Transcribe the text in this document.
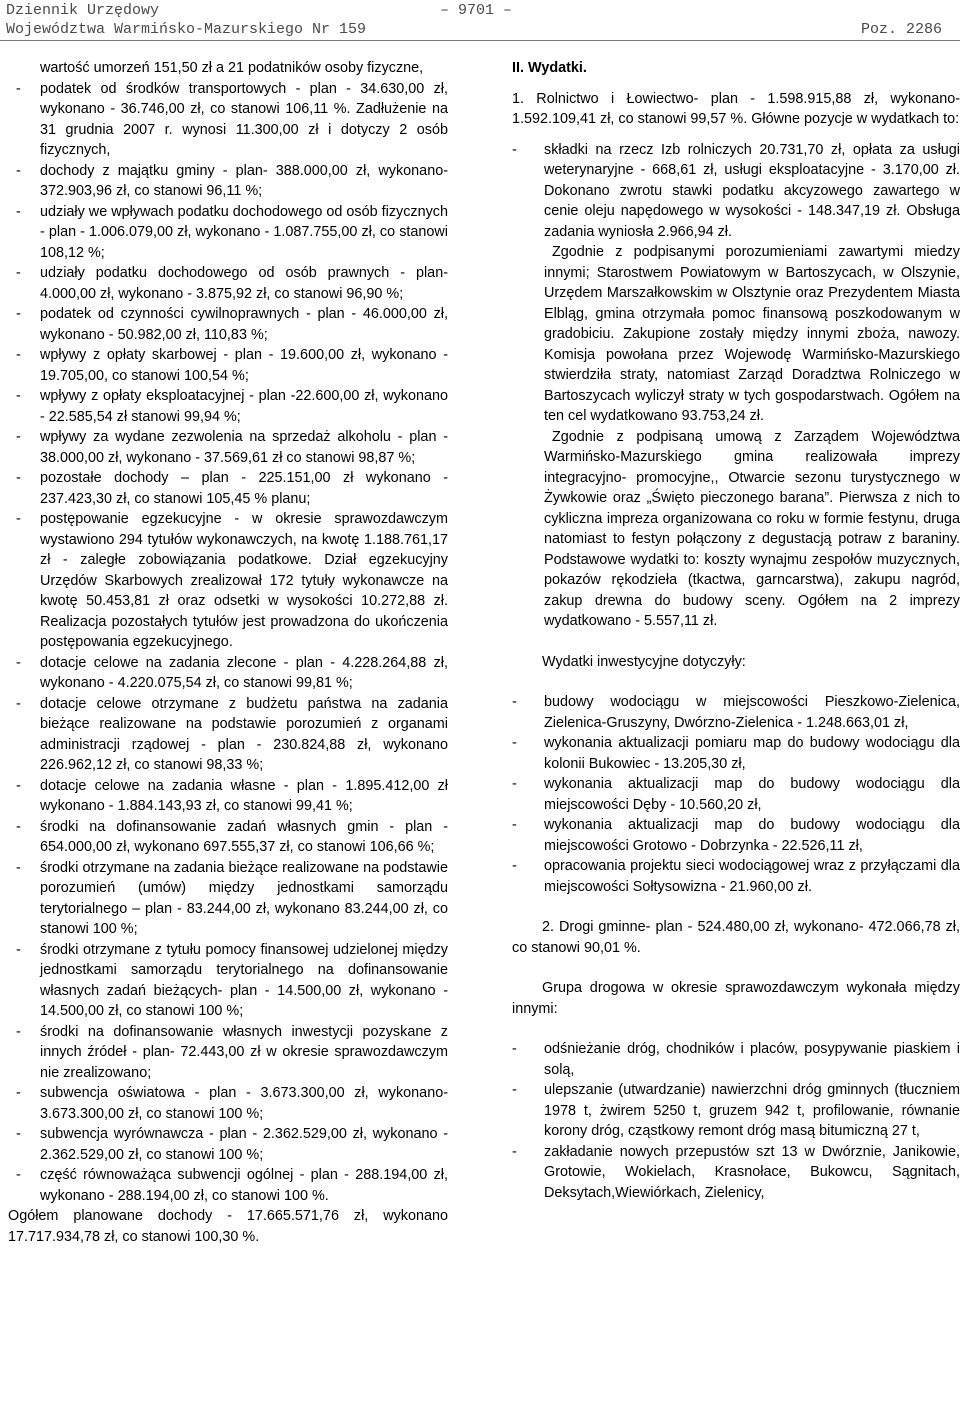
Dziennik Urzędowy	– 9701 –
Województwa Warmińsko-Mazurskiego Nr 159	Poz. 2286

wartość umorzeń 151,50 zł a 21 podatników osoby fizyczne,

- podatek od środków transportowych - plan - 34.630,00 zł, wykonano - 36.746,00 zł, co stanowi 106,11 %. Zadłużenie na 31 grudnia 2007 r. wynosi 11.300,00 zł i dotyczy 2 osób fizycznych,
- dochody z majątku gminy - plan- 388.000,00 zł, wykonano- 372.903,96 zł, co stanowi 96,11 %;
- udziały we wpływach podatku dochodowego od osób fizycznych - plan - 1.006.079,00 zł, wykonano - 1.087.755,00 zł, co stanowi 108,12 %;
- udziały podatku dochodowego od osób prawnych - plan- 4.000,00 zł, wykonano - 3.875,92 zł, co stanowi 96,90 %;
- podatek od czynności cywilnoprawnych - plan - 46.000,00 zł, wykonano - 50.982,00 zł, 110,83 %;
- wpływy z opłaty skarbowej - plan - 19.600,00 zł, wykonano - 19.705,00, co stanowi 100,54 %;
- wpływy z opłaty eksploatacyjnej - plan -22.600,00 zł, wykonano - 22.585,54 zł stanowi 99,94 %;
- wpływy za wydane zezwolenia na sprzedaż alkoholu - plan - 38.000,00 zł, wykonano - 37.569,61 zł co stanowi 98,87 %;
- pozostałe dochody – plan - 225.151,00 zł wykonano - 237.423,30 zł, co stanowi 105,45 % planu;
- postępowanie egzekucyjne - w okresie sprawozdawczym wystawiono 294 tytułów wykonawczych, na kwotę 1.188.761,17 zł - zaległe zobowiązania podatkowe. Dział egzekucyjny Urzędów Skarbowych zrealizował 172 tytuły wykonawcze na kwotę 50.453,81 zł oraz odsetki w wysokości 10.272,88 zł. Realizacja pozostałych tytułów jest prowadzona do ukończenia postępowania egzekucyjnego.
- dotacje celowe na zadania zlecone - plan - 4.228.264,88 zł, wykonano - 4.220.075,54 zł, co stanowi 99,81 %;
- dotacje celowe otrzymane z budżetu państwa na zadania bieżące realizowane na podstawie porozumień z organami administracji rządowej - plan - 230.824,88 zł, wykonano 226.962,12 zł, co stanowi 98,33 %;
- dotacje celowe na zadania własne - plan - 1.895.412,00 zł wykonano - 1.884.143,93 zł, co stanowi 99,41 %;
- środki na dofinansowanie zadań własnych gmin - plan - 654.000,00 zł, wykonano 697.555,37 zł, co stanowi 106,66 %;
- środki otrzymane na zadania bieżące realizowane na podstawie porozumień (umów) między jednostkami samorządu terytorialnego – plan - 83.244,00 zł, wykonano 83.244,00 zł, co stanowi 100 %;
- środki otrzymane z tytułu pomocy finansowej udzielonej między jednostkami samorządu terytorialnego na dofinansowanie własnych zadań bieżących- plan - 14.500,00 zł, wykonano - 14.500,00 zł, co stanowi 100 %;
- środki na dofinansowanie własnych inwestycji pozyskane z innych źródeł - plan- 72.443,00 zł w okresie sprawozdawczym nie zrealizowano;
- subwencja oświatowa - plan - 3.673.300,00 zł, wykonano- 3.673.300,00 zł, co stanowi 100 %;
- subwencja wyrównawcza - plan - 2.362.529,00 zł, wykonano - 2.362.529,00 zł, co stanowi 100 %;
- część równoważąca subwencji ogólnej - plan - 288.194,00 zł, wykonano - 288.194,00 zł, co stanowi 100 %.

Ogółem planowane dochody - 17.665.571,76 zł, wykonano 17.717.934,78 zł, co stanowi 100,30 %.

II. Wydatki.

1. Rolnictwo i Łowiectwo- plan - 1.598.915,88 zł, wykonano- 1.592.109,41 zł, co stanowi 99,57 %. Główne pozycje w wydatkach to:

- składki na rzecz Izb rolniczych 20.731,70 zł, opłata za usługi weterynaryjne - 668,61 zł, usługi eksploatacyjne - 3.170,00 zł. Dokonano zwrotu stawki podatku akcyzowego zawartego w cenie oleju napędowego w wysokości - 148.347,19 zł. Obsługa zadania wyniosła 2.966,94 zł.

Zgodnie z podpisanymi porozumieniami zawartymi miedzy innymi; Starostwem Powiatowym w Bartoszycach, w Olszynie, Urzędem Marszałkowskim w Olsztynie oraz Prezydentem Miasta Elbląg, gmina otrzymała pomoc finansową poszkodowanym w gradobiciu. Zakupione zostały między innymi zboża, nawozy. Komisja powołana przez Wojewodę Warmińsko-Mazurskiego stwierdziła straty, natomiast Zarząd Doradztwa Rolniczego w Bartoszycach wyliczył straty w tych gospodarstwach. Ogółem na ten cel wydatkowano 93.753,24 zł.

Zgodnie z podpisaną umową z Zarządem Województwa Warmińsko-Mazurskiego gmina realizowała imprezy integracyjno- promocyjne,, Otwarcie sezonu turystycznego w Żywkowie oraz „Święto pieczonego barana”. Pierwsza z nich to cykliczna impreza organizowana co roku w formie festynu, druga natomiast to festyn połączony z degustacją potraw z baraniny. Podstawowe wydatki to: koszty wynajmu zespołów muzycznych, pokazów rękodzieła (tkactwa, garncarstwa), zakupu nagród, zakup drewna do budowy sceny. Ogółem na 2 imprezy wydatkowano - 5.557,11 zł.

Wydatki inwestycyjne dotyczyły:

- budowy wodociągu w miejscowości Pieszkowo-Zielenica, Zielenica-Gruszyny, Dwórzno-Zielenica - 1.248.663,01 zł,
- wykonania aktualizacji pomiaru map do budowy wodociągu dla kolonii Bukowiec - 13.205,30 zł,
- wykonania aktualizacji map do budowy wodociągu dla miejscowości Dęby - 10.560,20 zł,
- wykonania aktualizacji map do budowy wodociągu dla miejscowości Grotowo - Dobrzynka - 22.526,11 zł,
- opracowania projektu sieci wodociągowej wraz z przyłączami dla miejscowości Sołtysowizna - 21.960,00 zł.

2. Drogi gminne- plan - 524.480,00 zł, wykonano- 472.066,78 zł, co stanowi 90,01 %.

Grupa drogowa w okresie sprawozdawczym wykonała między innymi:

- odśnieżanie dróg, chodników i placów, posypywanie piaskiem i solą,
- ulepszanie (utwardzanie) nawierzchni dróg gminnych (tłuczniem 1978 t, żwirem 5250 t, gruzem 942 t, profilowanie, równanie korony dróg, cząstkowy remont dróg masą bitumiczną 27 t,
- zakładanie nowych przepustów szt 13 w Dwórznie, Janikowie, Grotowie, Wokielach, Krasnołace, Bukowcu, Sągnitach, Deksytach,Wiewiórkach, Zielenicy,
